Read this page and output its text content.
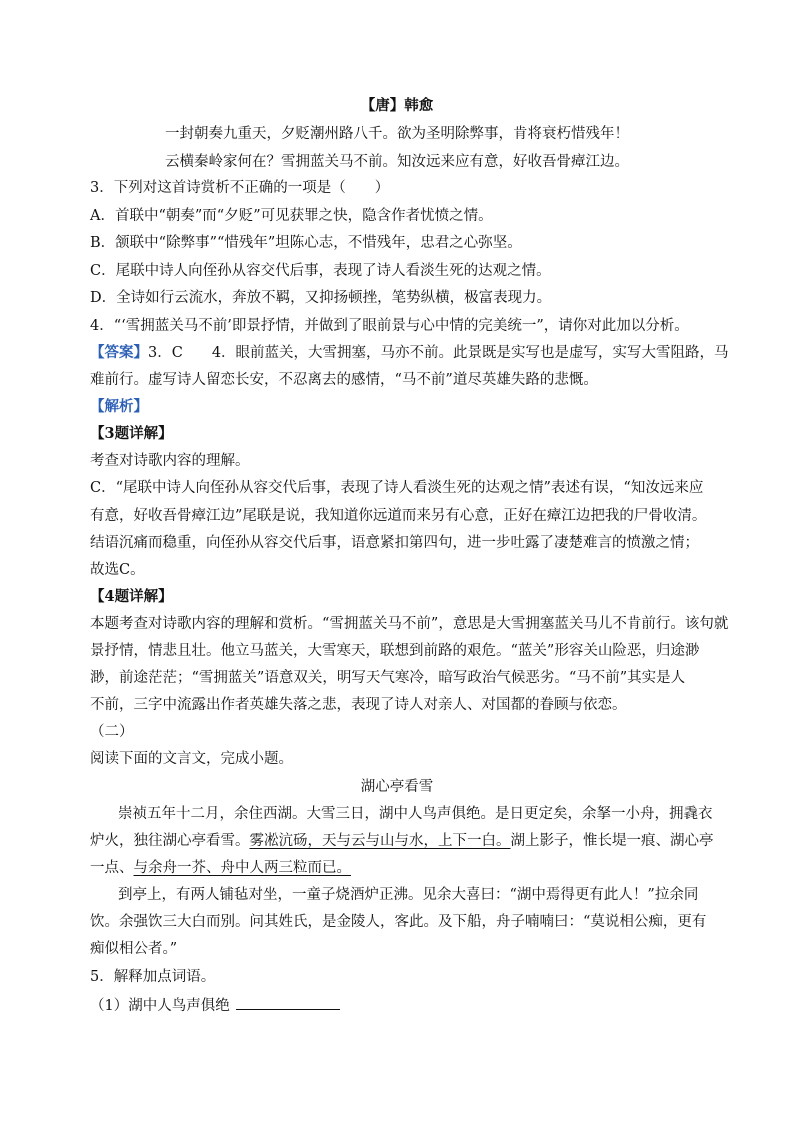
【唐】韩愈
一封朝奏九重天，夕贬潮州路八千。欲为圣明除弊事，肯将衰朽惜残年！
云横秦岭家何在？雪拥蓝关马不前。知汝远来应有意，好收吾骨瘴江边。
3．下列对这首诗赏析不正确的一项是（　　）
A．首联中“朝奏”而“夕贬”可见获罪之快，隐含作者忧愤之情。
B．颔联中“除弊事”“惜残年”坦陈心志，不惜残年，忠君之心弥坚。
C．尾联中诗人向侄孙从容交代后事，表现了诗人看淡生死的达观之情。
D．全诗如行云流水，奔放不羁，又抑扬顿挫，笔势纵横，极富表现力。
4．“‘雪拥蓝关马不前’即景抒情，并做到了眼前景与心中情的完美统一”，请你对此加以分析。
【答案】3．C　　4．眼前蓝关，大雪拥塞，马亦不前。此景既是实写也是虚写，实写大雪阻路，马
难前行。虚写诗人留恋长安，不忍离去的感情，“马不前”道尽英雄失路的悲慨。
【解析】
【3题详解】
考查对诗歌内容的理解。
C．“尾联中诗人向侄孙从容交代后事，表现了诗人看淡生死的达观之情”表述有误，“知汝远来应
有意，好收吾骨瘴江边”尾联是说，我知道你远道而来另有心意，正好在瘴江边把我的尸骨收清。
结语沉痛而稳重，向侄孙从容交代后事，语意紧扣第四句，进一步吐露了凄楚难言的愤激之情；
故选C。
【4题详解】
本题考查对诗歌内容的理解和赏析。“雪拥蓝关马不前”，意思是大雪拥塞蓝关马儿不肯前行。该句就
景抒情，情悲且壮。他立马蓝关，大雪寒天，联想到前路的艰危。“蓝关”形容关山险恶，归途渺
渺，前途茫茫；“雪拥蓝关”语意双关，明写天气寒冷，暗写政治气候恶劣。“马不前”其实是人
不前，三字中流露出作者英雄失落之悲，表现了诗人对亲人、对国都的眷顾与依恋。
（二）
阅读下面的文言文，完成小题。
湖心亭看雪
崇祯五年十二月，余住西湖。大雪三日，湖中人鸟声俱绝。是日更定矣，余拏一小舟，拥毳衣
炉火，独往湖心亭看雪。雾凇沆砀，天与云与山与水，上下一白。湖上影子，惟长堤一痕、湖心亭
一点、与余舟一芥、舟中人两三粒而已。
到亭上，有两人铺毡对坐，一童子烧酒炉正沸。见余大喜曰：“湖中焉得更有此人！”拉余同
饮。余强饮三大白而别。问其姓氏，是金陵人，客此。及下船，舟子喃喃曰：“莫说相公痴，更有
痴似相公者。”
5．解释加点词语。
（1）湖中人鸟声俱绝
